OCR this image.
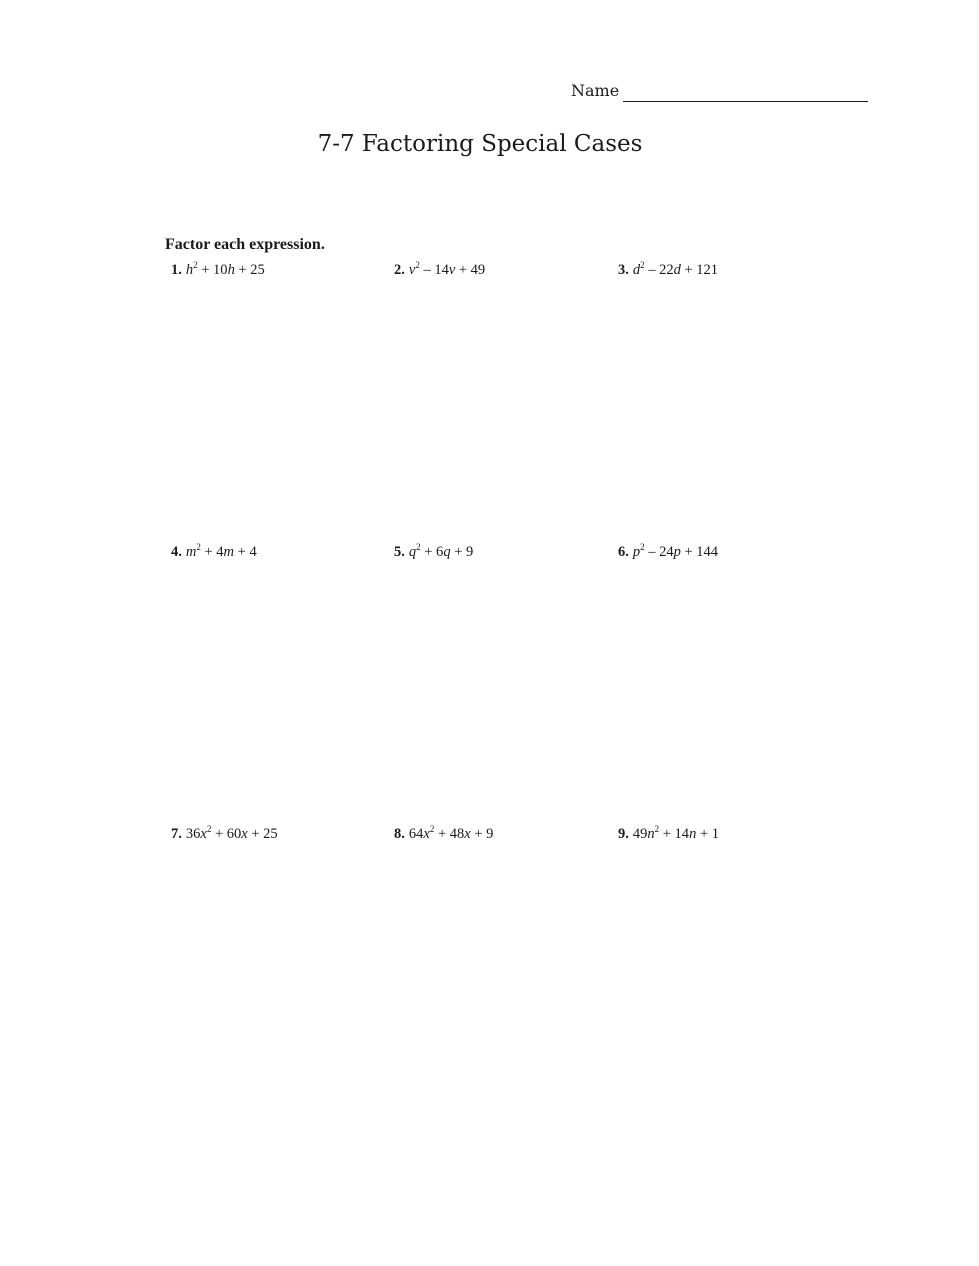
Name
7-7 Factoring Special Cases
Factor each expression.
1. $h^2 + 10h + 25$	2. $v^2 - 14v + 49$	3. $d^2 - 22d + 121$
4. $m^2 + 4m + 4$	5. $q^2 + 6q + 9$	6. $p^2 - 24p + 144$
7. $36x^2 + 60x + 25$	8. $64x^2 + 48x + 9$	9. $49n^2 + 14n + 1$
